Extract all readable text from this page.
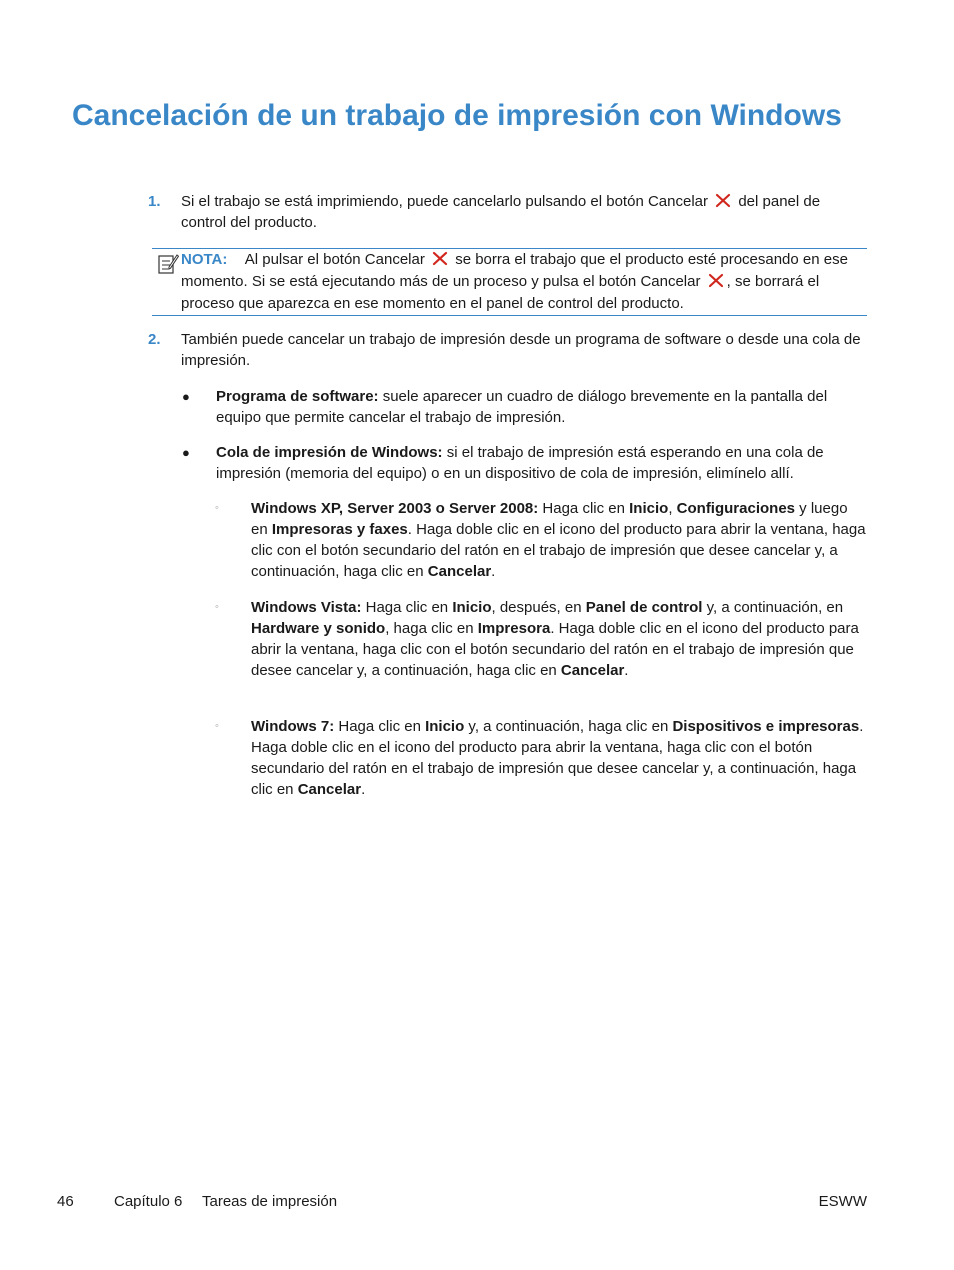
Cancelación de un trabajo de impresión con Windows
1. Si el trabajo se está imprimiendo, puede cancelarlo pulsando el botón Cancelar del panel de control del producto.
NOTA: Al pulsar el botón Cancelar se borra el trabajo que el producto esté procesando en ese momento. Si se está ejecutando más de un proceso y pulsa el botón Cancelar , se borrará el proceso que aparezca en ese momento en el panel de control del producto.
2. También puede cancelar un trabajo de impresión desde un programa de software o desde una cola de impresión.
● Programa de software: suele aparecer un cuadro de diálogo brevemente en la pantalla del equipo que permite cancelar el trabajo de impresión.
● Cola de impresión de Windows: si el trabajo de impresión está esperando en una cola de impresión (memoria del equipo) o en un dispositivo de cola de impresión, elimínelo allí.
◦ Windows XP, Server 2003 o Server 2008: Haga clic en Inicio, Configuraciones y luego en Impresoras y faxes. Haga doble clic en el icono del producto para abrir la ventana, haga clic con el botón secundario del ratón en el trabajo de impresión que desee cancelar y, a continuación, haga clic en Cancelar.
◦ Windows Vista: Haga clic en Inicio, después, en Panel de control y, a continuación, en Hardware y sonido, haga clic en Impresora. Haga doble clic en el icono del producto para abrir la ventana, haga clic con el botón secundario del ratón en el trabajo de impresión que desee cancelar y, a continuación, haga clic en Cancelar.
◦ Windows 7: Haga clic en Inicio y, a continuación, haga clic en Dispositivos e impresoras. Haga doble clic en el icono del producto para abrir la ventana, haga clic con el botón secundario del ratón en el trabajo de impresión que desee cancelar y, a continuación, haga clic en Cancelar.
46	Capítulo 6 Tareas de impresión	ESWW
